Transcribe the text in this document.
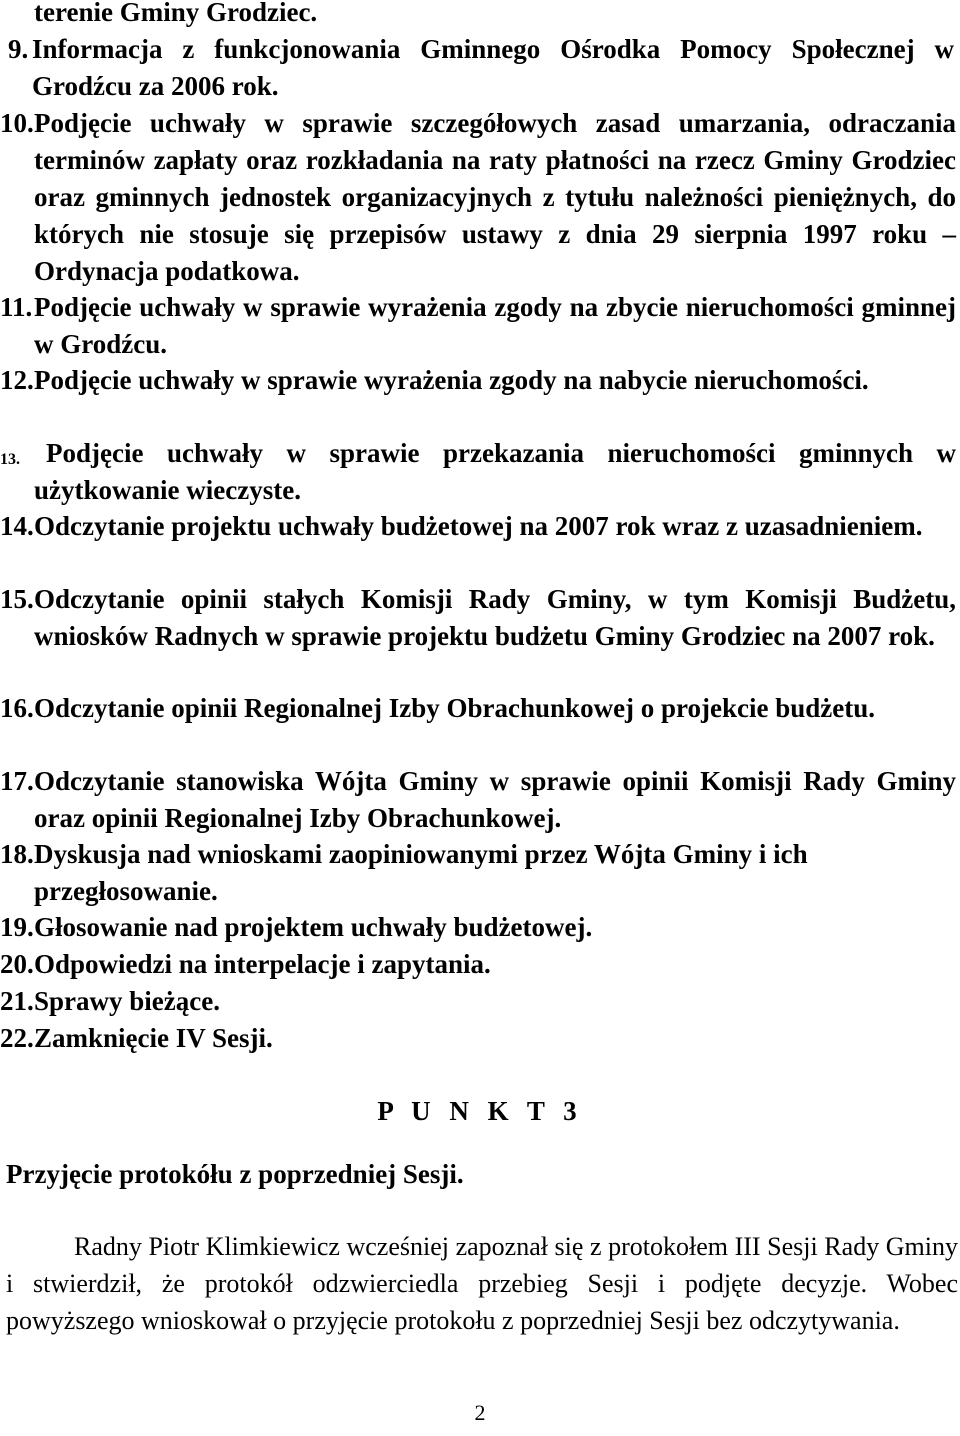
terenie Gminy Grodziec.
9. Informacja z funkcjonowania Gminnego Ośrodka Pomocy Społecznej w Grodźcu za 2006 rok.
10. Podjęcie uchwały w sprawie szczegółowych zasad umarzania, odraczania terminów zapłaty oraz rozkładania na raty płatności na rzecz Gminy Grodziec oraz gminnych jednostek organizacyjnych z tytułu należności pieniężnych, do których nie stosuje się przepisów ustawy z dnia 29 sierpnia 1997 roku – Ordynacja podatkowa.
11. Podjęcie uchwały w sprawie wyrażenia zgody na zbycie nieruchomości gminnej w Grodźcu.
12. Podjęcie uchwały w sprawie wyrażenia zgody na nabycie nieruchomości.
13. Podjęcie uchwały w sprawie przekazania nieruchomości gminnych w użytkowanie wieczyste.
14. Odczytanie projektu uchwały budżetowej na 2007 rok wraz z uzasadnieniem.
15. Odczytanie opinii stałych Komisji Rady Gminy, w tym Komisji Budżetu, wniosków Radnych w sprawie projektu budżetu Gminy Grodziec na 2007 rok.
16. Odczytanie opinii Regionalnej Izby Obrachunkowej o projekcie budżetu.
17. Odczytanie stanowiska Wójta Gminy w sprawie opinii Komisji Rady Gminy oraz opinii Regionalnej Izby Obrachunkowej.
18. Dyskusja nad wnioskami zaopiniowanymi przez Wójta Gminy i ich przegłosowanie.
19. Głosowanie nad projektem uchwały budżetowej.
20. Odpowiedzi na interpelacje i zapytania.
21. Sprawy bieżące.
22. Zamknięcie IV Sesji.
P U N K T 3
Przyjęcie protokółu z poprzedniej Sesji.
Radny Piotr Klimkiewicz wcześniej zapoznał się z protokołem III Sesji Rady Gminy i stwierdził, że protokół odzwierciedla przebieg Sesji i podjęte decyzje. Wobec powyższego wnioskował o przyjęcie protokołu z poprzedniej Sesji bez odczytywania.
2
